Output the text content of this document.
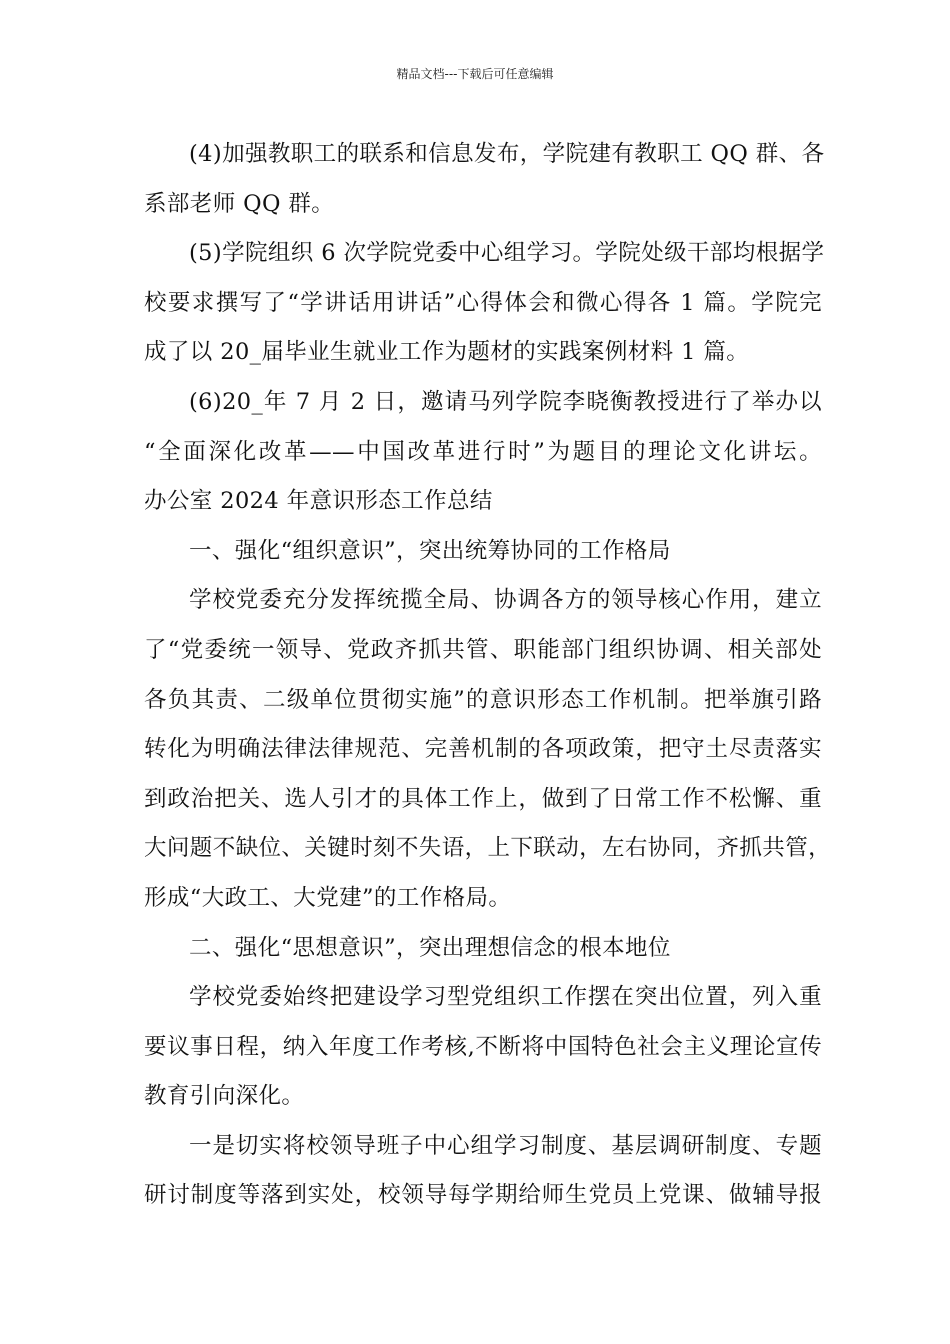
精品文档---下载后可任意编辑
(4)加强教职工的联系和信息发布，学院建有教职工 QQ 群、各
系部老师 QQ 群。
(5)学院组织 6 次学院党委中心组学习。学院处级干部均根据学
校要求撰写了“学讲话用讲话”心得体会和微心得各 1 篇。学院完
成了以 20_届毕业生就业工作为题材的实践案例材料 1 篇。
(6)20_年 7 月 2 日，邀请马列学院李晓衡教授进行了举办以
“全面深化改革——中国改革进行时”为题目的理论文化讲坛。
办公室 2024 年意识形态工作总结
一、强化“组织意识”，突出统筹协同的工作格局
学校党委充分发挥统揽全局、协调各方的领导核心作用，建立
了“党委统一领导、党政齐抓共管、职能部门组织协调、相关部处
各负其责、二级单位贯彻实施”的意识形态工作机制。把举旗引路
转化为明确法律法律规范、完善机制的各项政策，把守土尽责落实
到政治把关、选人引才的具体工作上，做到了日常工作不松懈、重
大问题不缺位、关键时刻不失语，上下联动，左右协同，齐抓共管，
形成“大政工、大党建”的工作格局。
二、强化“思想意识”，突出理想信念的根本地位
学校党委始终把建设学习型党组织工作摆在突出位置，列入重
要议事日程，纳入年度工作考核,不断将中国特色社会主义理论宣传
教育引向深化。
一是切实将校领导班子中心组学习制度、基层调研制度、专题
研讨制度等落到实处，校领导每学期给师生党员上党课、做辅导报
